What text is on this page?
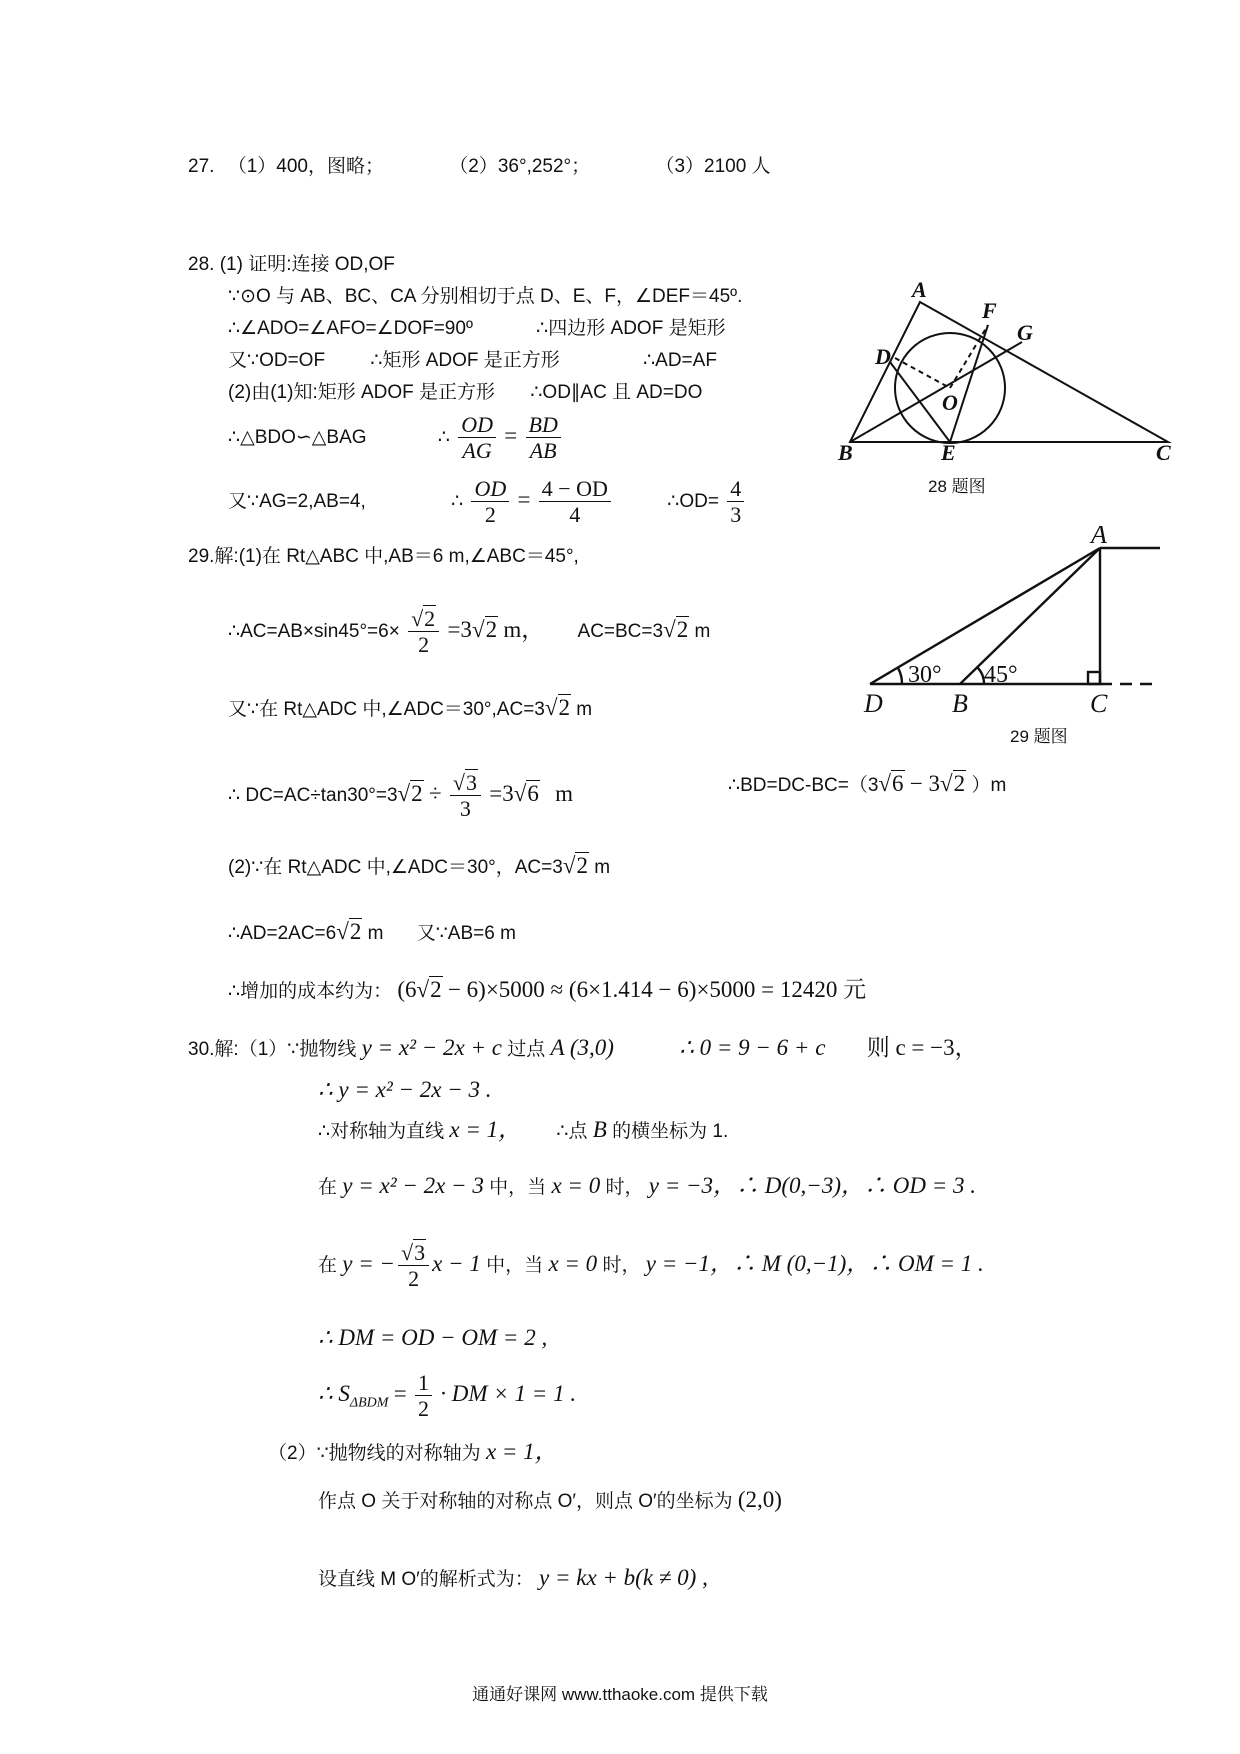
27. （1）400，图略；	（2）36°,252°；	（3）2100 人
28. (1) 证明:连接 OD,OF
∵⊙O 与 AB、BC、CA 分别相切于点 D、E、F，∠DEF＝45º.
∴∠ADO=∠AFO=∠DOF=90º	∴四边形 ADOF 是矩形
又∵OD=OF ∴矩形 ADOF 是正方形	∴AD=AF
(2)由(1)知:矩形 ADOF 是正方形 ∴OD∥AC 且 AD=DO
∴△BDO∽△BAG	∴ $\frac{OD}{AG} = \frac{BD}{AB}$
又∵AG=2,AB=4,	∴ $\frac{OD}{2} = \frac{4 - OD}{4}$	∴OD= $\frac{4}{3}$
A
D
F
G
O
B	E	C
28 题图
29.解:(1)在 Rt△ABC 中,AB＝6 m,∠ABC＝45°,
∴AC=AB×sin45°=6× $\frac{√2}{2} =3√2$ m， AC=BC=3√2 m
又∵在 Rt△ADC 中,∠ADC＝30°,AC=3√2 m
∴ $DC=AC\div\tan 30^\circ=3√2 \div \frac{√3}{3} =3√6$ m	∴BD=DC-BC=（3√6 − 3√2 ）m
(2)∵在 Rt△ADC 中,∠ADC＝30°，AC=3√2 m
∴AD=2AC=6√2 m 又∵AB=6 m
∴增加的成本约为： (6√2 − 6)×5000 ≈ (6×1.414 − 6)×5000 = 12420 元
A
D	B	C
30° 45°
29 题图
30.解:（1）∵抛物线 y = x² − 2x + c 过点 A (3,0)	∴ 0 = 9 − 6 + c 则 c = −3，
∴ y = x² − 2x − 3 .
∴对称轴为直线 x = 1， ∴点 B 的横坐标为 1.
在 y = x² − 2x − 3 中，当 x = 0 时， y = −3，∴ D(0,−3)，∴ OD = 3 .
在 y = − $\frac{√3}{2}$ x − 1 中，当 x = 0 时， y = −1，∴ M (0,−1)，∴ OM = 1 .
∴ DM = OD − OM = 2 ,
∴ $S_{\Delta BDM} = \frac{1}{2}$ · DM × 1 = 1 .
（2）∵抛物线的对称轴为 x = 1，
作点 O 关于对称轴的对称点 O′，则点 O′的坐标为 (2,0)
设直线 M O′的解析式为： y = kx + b(k ≠ 0) ,
通通好课网 www.tthaoke.com 提供下载
